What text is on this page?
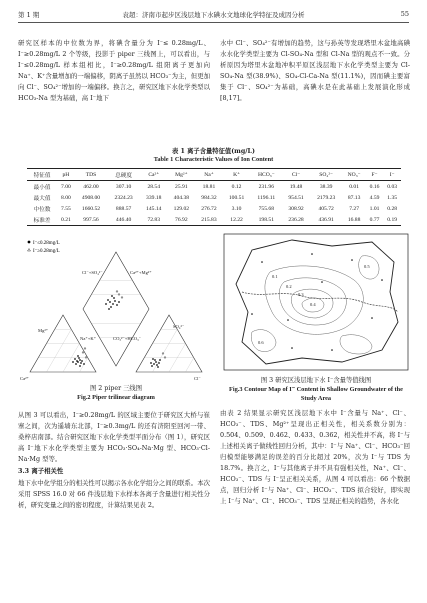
第 1 期	袁超：济南市起步区浅层地下水碘水文地球化学特征及成因分析	55
研究区样本的中位数为界，将碘含量分为 I⁻≤ 0.28mg/L、I⁻≥0.28mg/L 2 个等级，投影于 piper 三线图上，可以看出，与 I⁻≤0.28mg/L 样本组相比，I⁻≥0.28mg/L 组阳离子更加向 Na⁺、K⁺含量增加的一端偏移，阴离子虽然以 HCO₃⁻为主，但更加向 Cl⁻、SO₄²⁻增加的一端偏移。换言之，研究区地下水化学类型以 HCO₃-Na 型为基础，高 I⁻地下
水中 Cl⁻、SO₄²⁻有增加的趋势，这与孙英等发现塔里木盆地高碘水水化学类型主要为 Cl-SO₄-Na 型和 Cl-Na 型的观点不一致。分析原因为塔里木盆地冲积平原区浅层地下水化学类型主要为 Cl-SO₄-Na 型(38.9%)、SO₄-Cl-Ca-Na 型(11.1%)，因而碘主要富集于 Cl⁻、SO₄²⁻为基础，高碘水是在此基础上发展演化形成[8,17]。
表 1 离子含量特征值(mg/L)
Table 1 Characteristic Values of Ion Content
特征值	pH	TDS	总硬度	Ca²⁺	Mg²⁺	Na⁺	K⁺	HCO₃⁻	Cl⁻	SO₄²⁻	NO₃⁻	F⁻	I⁻
最小值	7.00	462.00	307.10	28.54	25.91	18.81	0.12	231.96	19.48	38.39	0.01	0.16	0.03
最大值	8.00	4908.00	2324.23	339.18	404.38	984.32	100.51	1196.11	954.51	2179.23	87.13	4.59	1.35
中位数	7.55	1660.52	888.57	145.14	129.02	276.72	3.10	755.68	308.92	405.72	7.27	1.01	0.28
标准差	0.21	997.56	446.40	72.83	76.92	215.83	12.22	198.51	236.28	436.91	16.88	0.77	0.19
Ca²⁺	Cl⁻
Mg²⁺
SO₄²⁻
Na⁺+K⁺	CO₃²⁻+HCO₃⁻
Cl⁻+SO₄²⁻	Ca²⁺+Mg²⁺
I⁻≤0.28mg/L
I⁻≥0.28mg/L
图 2 piper 三线图
Fig.2 Piper trilinear diagram
0.1
0.2
0.3
0.4
0.5
0.6
图 3 研究区浅层地下水 I⁻含量等值线图
Fig.3 Contour Map of I⁻ Content in Shallow Groundwater of the Study Area
从图 3 可以看出，I⁻≥0.28mg/L 的区域主要位于研究区大桥与崔寨之间，次为遥墙东北部，I⁻≥0.3mg/L 的还有济阳至回河一带、桑梓店南部。结合研究区地下水化学类型平面分布（图 1），研究区高 I⁻地下水化学类型主要为 HCO₃·SO₄-Na·Mg 型、HCO₃·Cl-Na·Mg 型等。
3.3 离子相关性
地下水中化学组分的相关性可以揭示各水化学组分之间的联系。本次采用 SPSS 16.0 对 66 件浅层地下水样本各离子含量进行相关性分析，研究变量之间的密切程度，计算结果见表 2。
由表 2 结果显示研究区浅层地下水中 I⁻含量与 Na⁺、Cl⁻、HCO₃⁻、TDS、Mg²⁺呈现出正相关性，相关系数分别为：0.504、0.509、0.462、0.433、0.362，相关性并不高，将 I⁻与上述相关离子做线性回归分析，其中：I⁻与 Na⁺、Cl⁻、HCO₃⁻回归模型能够满足的误差的百分比超过 20%，次为 I⁻与 TDS 为 18.7%。换言之，I⁻与其他离子并不具有强相关性，Na⁺、Cl⁻、HCO₃⁻、TDS 与 I⁻呈正相关关系，从图 4 可以看出：66 个数据点，回归分析 I⁻与 Na⁺、Cl⁻、HCO₃⁻、TDS 拟合较好，即实现上 I⁻与 Na⁺、Cl⁻、HCO₃⁻、TDS 呈现正相关的趋势，各水化
